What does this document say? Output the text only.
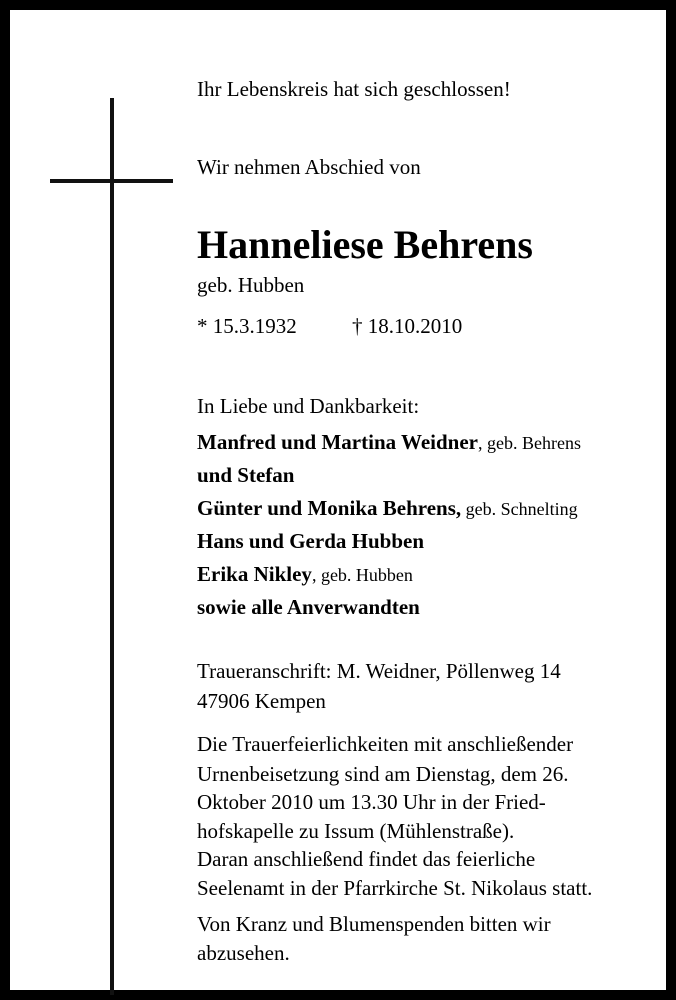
Ihr Lebenskreis hat sich geschlossen!
Wir nehmen Abschied von
Hanneliese Behrens
geb. Hubben
* 15.3.1932	† 18.10.2010
In Liebe und Dankbarkeit:
Manfred und Martina Weidner, geb. Behrens
und Stefan
Günter und Monika Behrens, geb. Schnelting
Hans und Gerda Hubben
Erika Nikley, geb. Hubben
sowie alle Anverwandten
Traueranschrift: M. Weidner, Pöllenweg 14
47906 Kempen
Die Trauerfeierlichkeiten mit anschließender
Urnenbeisetzung sind am Dienstag, dem 26.
Oktober 2010 um 13.30 Uhr in der Fried-
hofskapelle zu Issum (Mühlenstraße).
Daran anschließend findet das feierliche
Seelenamt in der Pfarrkirche St. Nikolaus statt.
Von Kranz und Blumenspenden bitten wir
abzusehen.
